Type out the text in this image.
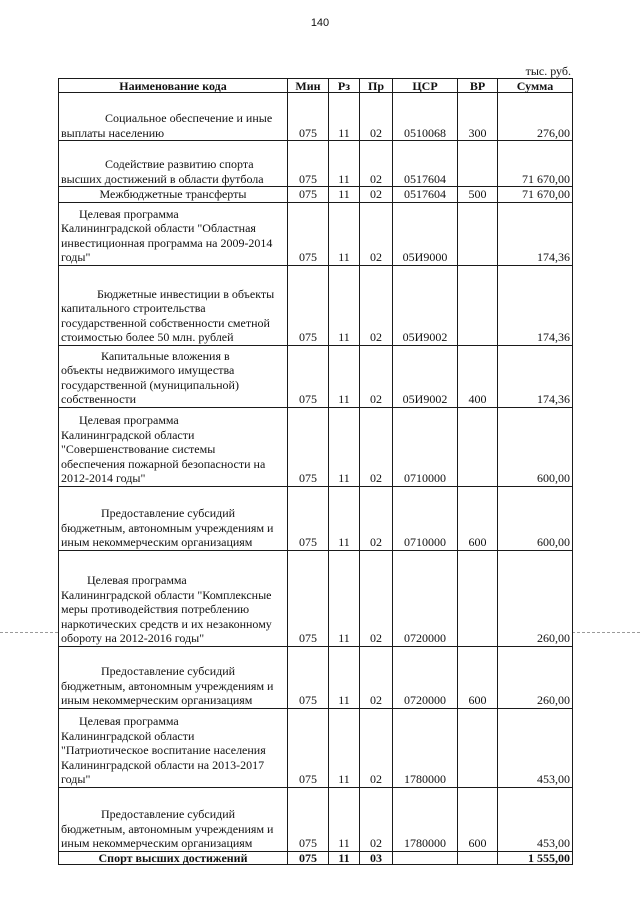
140
тыс. руб.
Наименование кода	Мин	Рз	Пр	ЦСР	ВР	Сумма
Социальное обеспечение и иные
выплаты населению	075	11	02	0510068	300	276,00
Содействие развитию спорта
высших достижений в области футбола	075	11	02	0517604		71 670,00
Межбюджетные трансферты	075	11	02	0517604	500	71 670,00
Целевая программа
Калининградской области "Областная
инвестиционная программа на 2009-2014
годы"	075	11	02	05И9000		174,36
Бюджетные инвестиции в объекты
капитального строительства
государственной собственности сметной
стоимостью более 50 млн. рублей	075	11	02	05И9002		174,36
Капитальные вложения в
объекты недвижимого имущества
государственной (муниципальной)
собственности	075	11	02	05И9002	400	174,36
Целевая программа
Калининградской области
"Совершенствование системы
обеспечения пожарной безопасности на
2012-2014 годы"	075	11	02	0710000		600,00
Предоставление субсидий
бюджетным, автономным учреждениям и
иным некоммерческим организациям	075	11	02	0710000	600	600,00
Целевая программа
Калининградской области "Комплексные
меры противодействия потреблению
наркотических средств и их незаконному
обороту на 2012-2016 годы"	075	11	02	0720000		260,00
Предоставление субсидий
бюджетным, автономным учреждениям и
иным некоммерческим организациям	075	11	02	0720000	600	260,00
Целевая программа
Калининградской области
"Патриотическое воспитание населения
Калининградской области на 2013-2017
годы"	075	11	02	1780000		453,00
Предоставление субсидий
бюджетным, автономным учреждениям и
иным некоммерческим организациям	075	11	02	1780000	600	453,00
Спорт высших достижений	075	11	03			1 555,00
